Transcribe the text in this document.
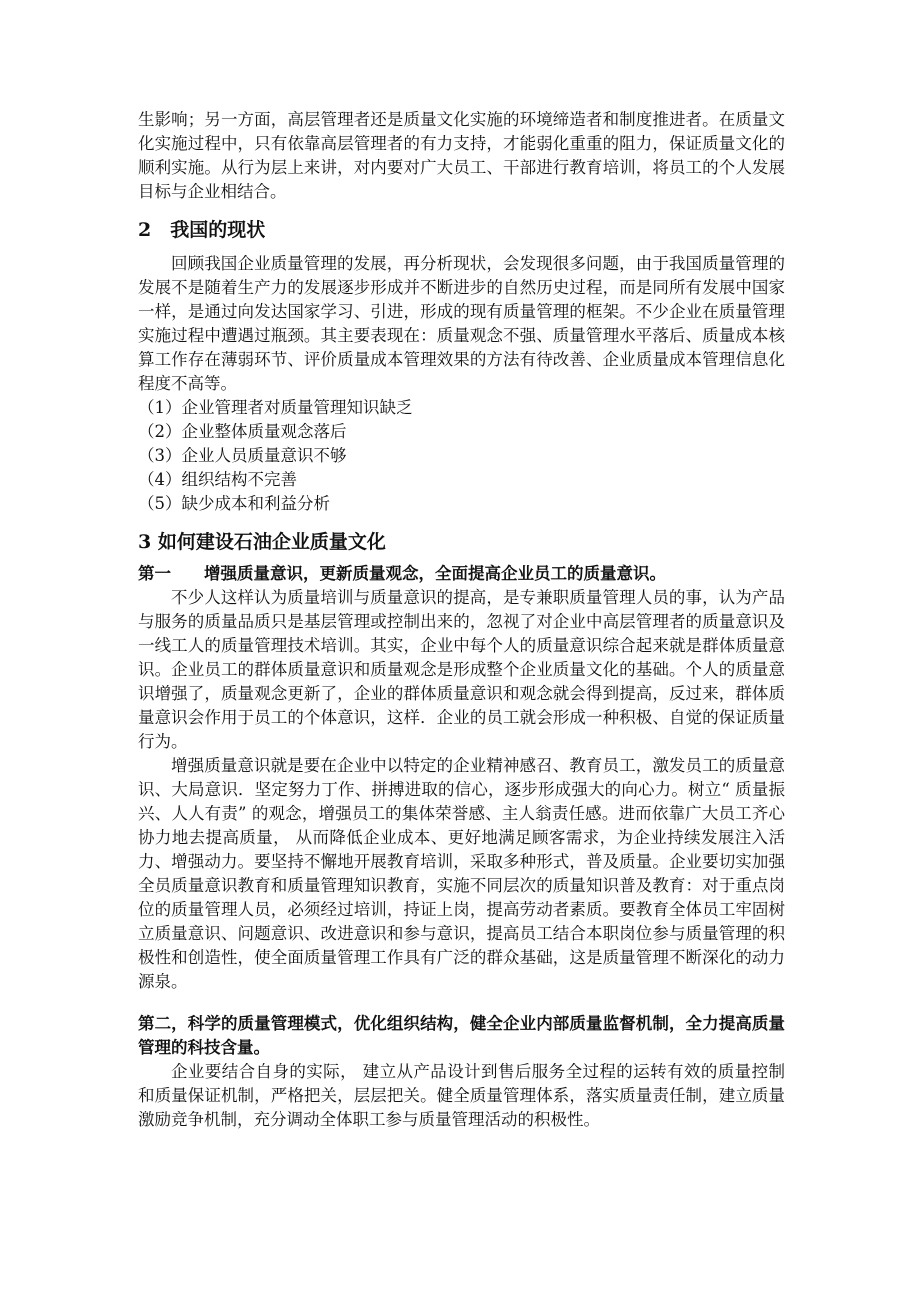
生影响；另一方面，高层管理者还是质量文化实施的环境缔造者和制度推进者。在质量文化实施过程中，只有依靠高层管理者的有力支持，才能弱化重重的阻力，保证质量文化的顺利实施。从行为层上来讲，对内要对广大员工、干部进行教育培训，将员工的个人发展目标与企业相结合。

2　我国的现状

回顾我国企业质量管理的发展，再分析现状，会发现很多问题，由于我国质量管理的发展不是随着生产力的发展逐步形成并不断进步的自然历史过程，而是同所有发展中国家一样，是通过向发达国家学习、引进，形成的现有质量管理的框架。不少企业在质量管理实施过程中遭遇过瓶颈。其主要表现在：质量观念不强、质量管理水平落后、质量成本核算工作存在薄弱环节、评价质量成本管理效果的方法有待改善、企业质量成本管理信息化程度不高等。

（1）企业管理者对质量管理知识缺乏
（2）企业整体质量观念落后
（3）企业人员质量意识不够
（4）组织结构不完善
（5）缺少成本和利益分析
3 如何建设石油企业质量文化

第一　　增强质量意识，更新质量观念，全面提高企业员工的质量意识。

不少人这样认为质量培训与质量意识的提高，是专兼职质量管理人员的事，认为产品与服务的质量品质只是基层管理或控制出来的，忽视了对企业中高层管理者的质量意识及一线工人的质量管理技术培训。其实，企业中每个人的质量意识综合起来就是群体质量意识。企业员工的群体质量意识和质量观念是形成整个企业质量文化的基础。个人的质量意识增强了，质量观念更新了，企业的群体质量意识和观念就会得到提高，反过来，群体质量意识会作用于员工的个体意识，这样．企业的员工就会形成一种积极、自觉的保证质量行为。

增强质量意识就是要在企业中以特定的企业精神感召、教育员工，激发员工的质量意识、大局意识．坚定努力丁作、拼搏进取的信心，逐步形成强大的向心力。树立“ 质量振兴、人人有责” 的观念，增强员工的集体荣誉感、主人翁责任感。进而依靠广大员工齐心协力地去提高质量， 从而降低企业成本、更好地满足顾客需求，为企业持续发展注入活力、增强动力。要坚持不懈地开展教育培训，采取多种形式，普及质量。企业要切实加强全员质量意识教育和质量管理知识教育，实施不同层次的质量知识普及教育：对于重点岗位的质量管理人员，必须经过培训，持证上岗，提高劳动者素质。要教育全体员工牢固树立质量意识、问题意识、改进意识和参与意识，提高员工结合本职岗位参与质量管理的积极性和创造性，使全面质量管理工作具有广泛的群众基础，这是质量管理不断深化的动力源泉。

第二，科学的质量管理模式，优化组织结构，健全企业内部质量监督机制，全力提高质量管理的科技含量。

企业要结合自身的实际， 建立从产品设计到售后服务全过程的运转有效的质量控制和质量保证机制，严格把关，层层把关。健全质量管理体系，落实质量责任制，建立质量激励竞争机制，充分调动全体职工参与质量管理活动的积极性。
